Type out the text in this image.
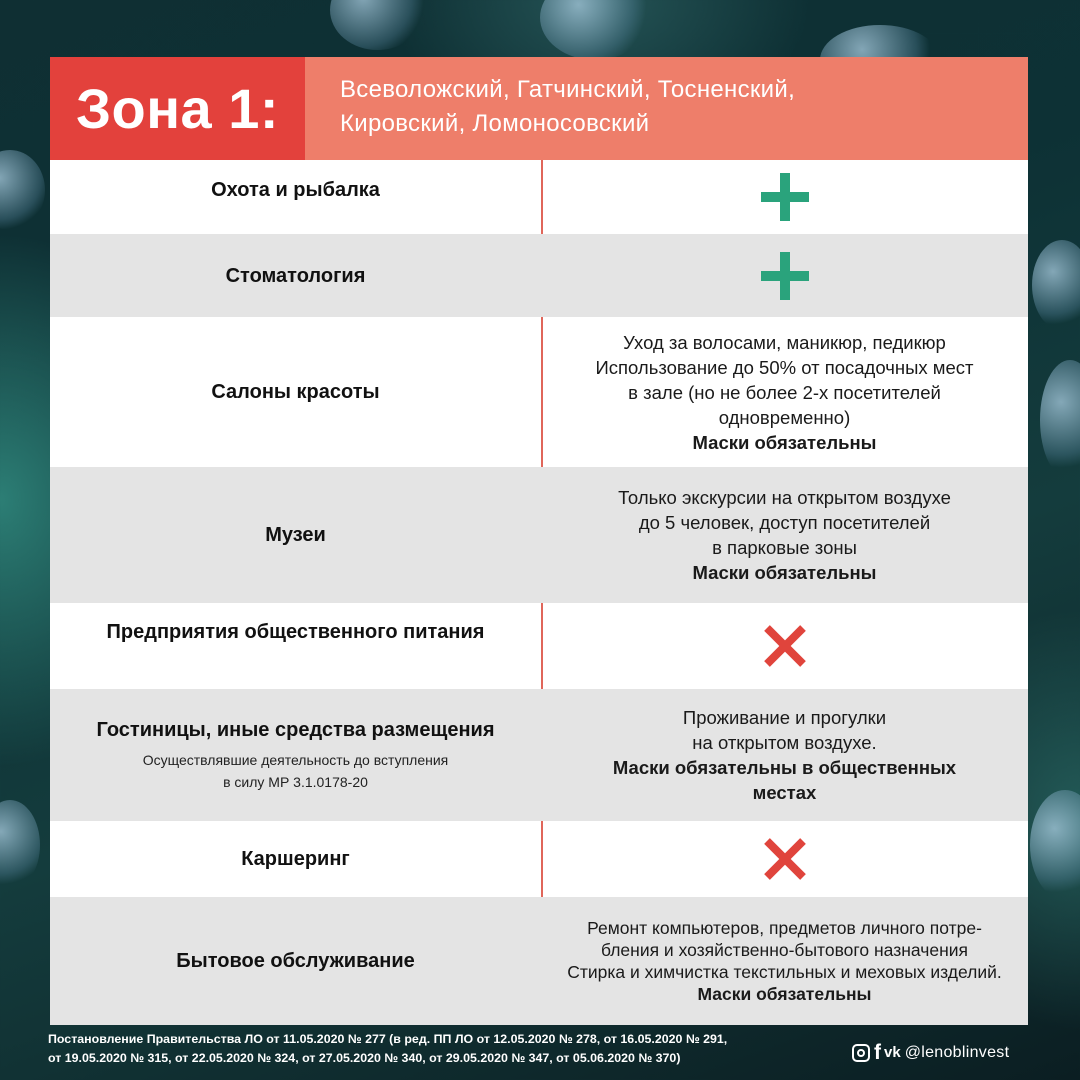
Зона 1:	Всеволожский, Гатчинский, Тосненский,
Кировский, Ломоносовский
Охота и рыбалка
Стоматология
Салоны красоты
Уход за волосами, маникюр, педикюр
Использование до 50% от посадочных мест
в зале (но не более 2-х посетителей
одновременно)
Маски обязательны
Музеи
Только экскурсии на открытом воздухе
до 5 человек, доступ посетителей
в парковые зоны
Маски обязательны
Предприятия общественного питания
Гостиницы, иные средства размещения
Осуществлявшие деятельность до вступления
в силу МР 3.1.0178-20
Проживание и прогулки
на открытом воздухе.
Маски обязательны в общественных
местах
Каршеринг
Бытовое обслуживание
Ремонт компьютеров, предметов личного потре-
бления и хозяйственно-бытового назначения
Стирка и химчистка текстильных и меховых изделий.
Маски обязательны
Постановление Правительства ЛО от 11.05.2020 № 277 (в ред. ПП ЛО от 12.05.2020 № 278, от 16.05.2020 № 291,
от 19.05.2020 № 315, от 22.05.2020 № 324, от 27.05.2020 № 340, от 29.05.2020 № 347, от 05.06.2020 № 370)	f vk @lenoblinvest
